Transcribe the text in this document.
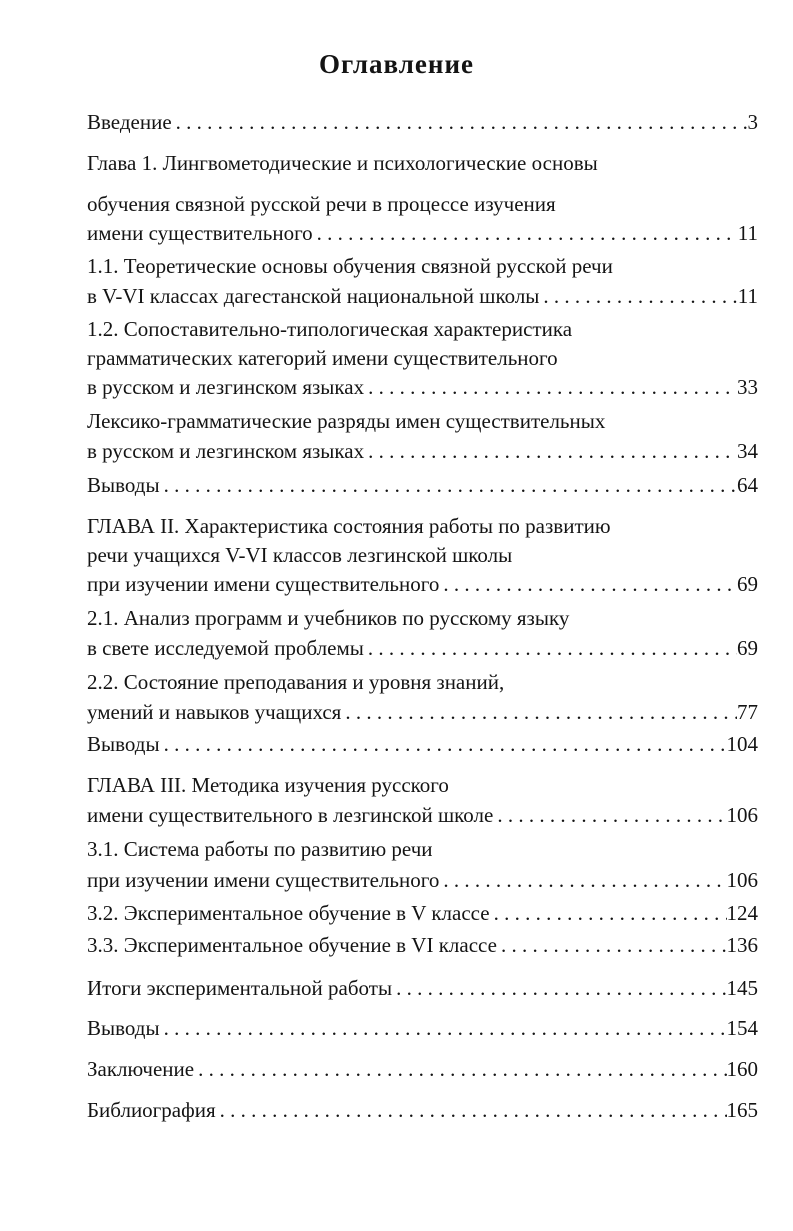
Оглавление
Введение . . .	3
Глава 1. Лингвометодические и психологические основы
обучения связной русской речи в процессе изучения
имени существительного . . .	11
1.1. Теоретические основы обучения связной русской речи
в V-VI классах дагестанской национальной школы . . .	11
1.2. Сопоставительно-типологическая характеристика
грамматических категорий имени существительного
в русском и лезгинском языках . . .	33
Лексико-грамматические разряды имен существительных
в русском и лезгинском языках . . .	34
Выводы . . .	64
ГЛАВА II. Характеристика состояния работы по развитию
речи учащихся V-VI классов лезгинской школы
при изучении имени существительного . . .	69
2.1. Анализ программ и учебников по русскому языку
в свете исследуемой проблемы . . .	69
2.2. Состояние преподавания и уровня знаний,
умений и навыков учащихся . . .	77
Выводы . . .	104
ГЛАВА III. Методика изучения русского
имени существительного в лезгинской школе . . .	106
3.1. Система работы по развитию речи
при изучении имени существительного . . .	106
3.2. Экспериментальное обучение в V классе . . .	124
3.3. Экспериментальное обучение в VI классе . . .	136
Итоги экспериментальной работы . . .	145
Выводы . . .	154
Заключение . . .	160
Библиография . . .	165
